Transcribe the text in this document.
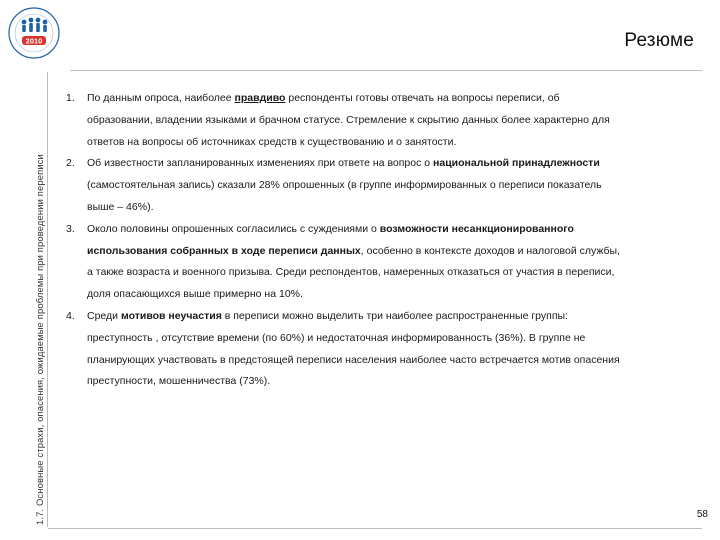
2010	Резюме
1.7. Основные страхи, опасения, ожидаемые проблемы при проведении переписи
1.	По данным опроса, наиболее правдиво респонденты готовы отвечать на вопросы переписи, об образовании, владении языками и брачном статусе. Стремление к скрытию данных более характерно для ответов на вопросы об источниках средств к существованию и о занятости.
2.	Об известности запланированных изменениях при ответе на вопрос о национальной принадлежности (самостоятельная запись) сказали 28% опрошенных (в группе информированных о переписи показатель выше – 46%).
3.	Около половины опрошенных согласились с суждениями о возможности несанкционированного использования собранных в ходе переписи данных, особенно в контексте доходов и налоговой службы, а также возраста и военного призыва. Среди респондентов, намеренных отказаться от участия в переписи, доля опасающихся выше примерно на 10%.
4.	Среди мотивов неучастия в переписи можно выделить три наиболее распространенные группы: преступность , отсутствие времени (по 60%) и недостаточная информированность (36%). В группе не планирующих участвовать в предстоящей переписи населения наиболее часто встречается мотив опасения преступности, мошенничества (73%).
58
